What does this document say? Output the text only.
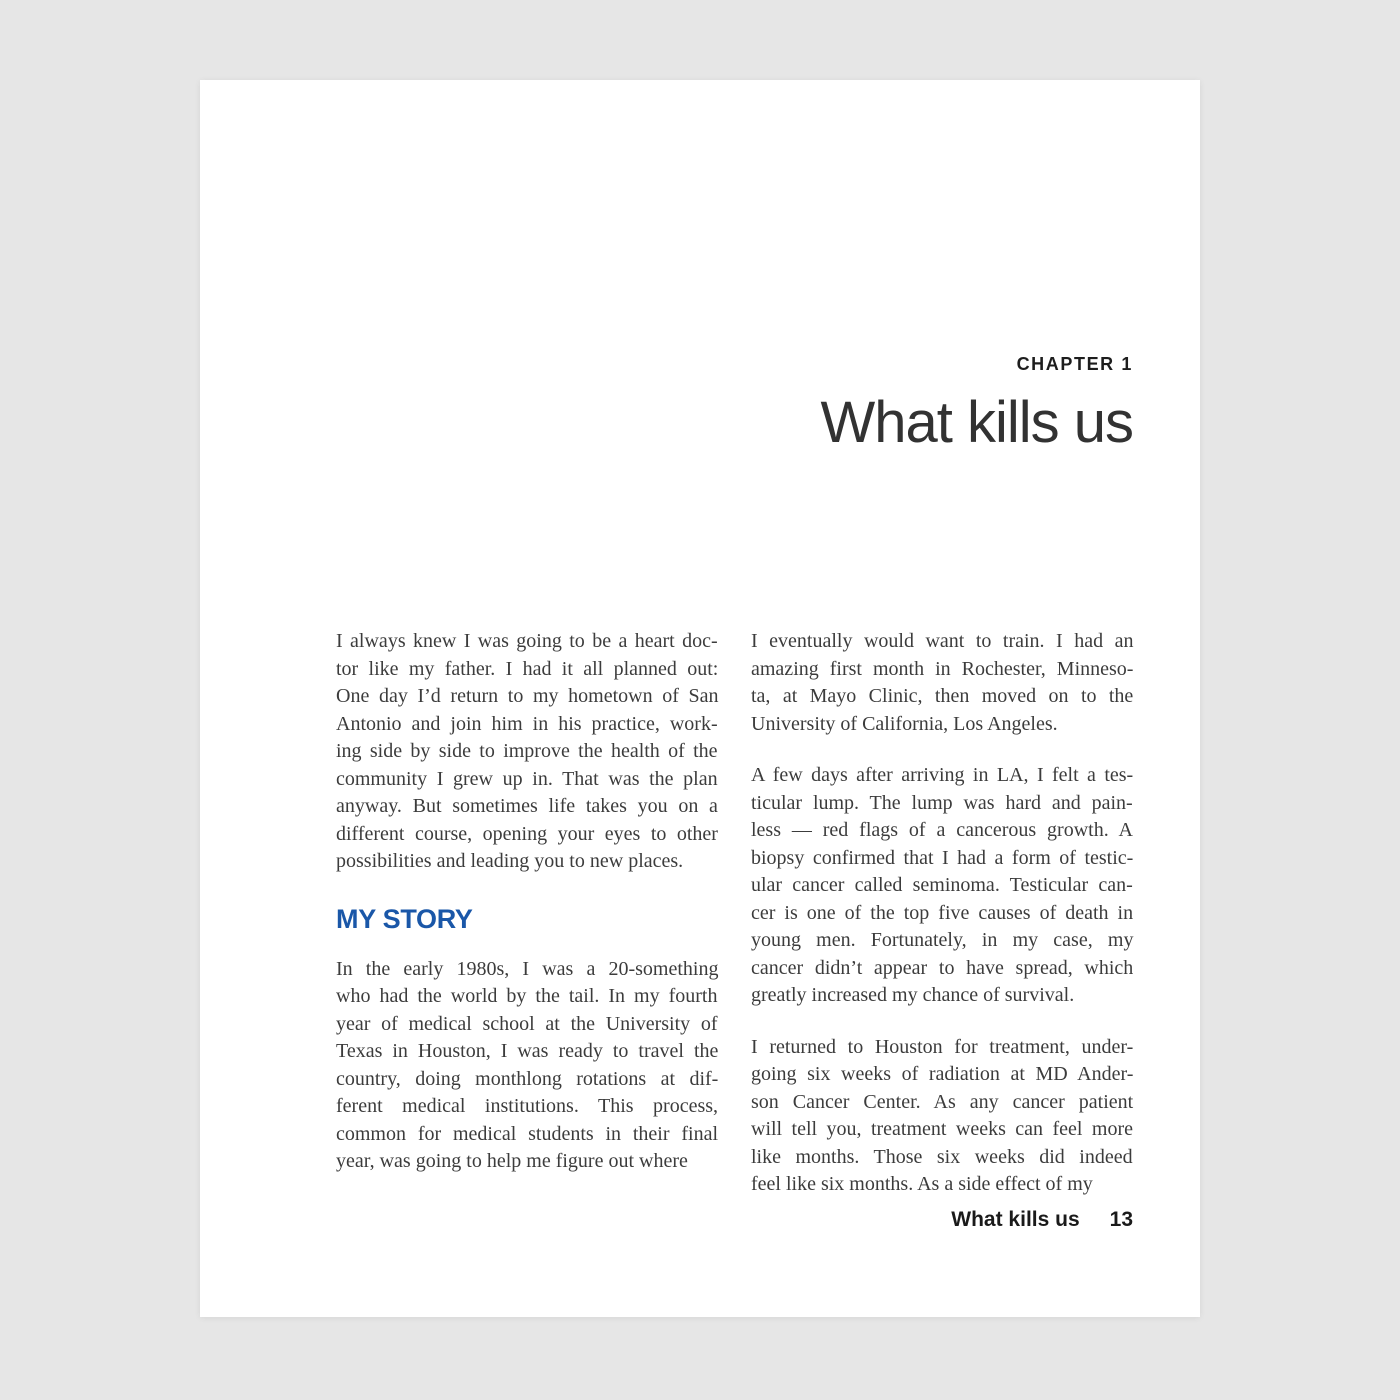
CHAPTER 1
What kills us
I always knew I was going to be a heart doc-
tor like my father. I had it all planned out:
One day I’d return to my hometown of San
Antonio and join him in his practice, work-
ing side by side to improve the health of the
community I grew up in. That was the plan
anyway. But sometimes life takes you on a
different course, opening your eyes to other
possibilities and leading you to new places.
MY STORY
In the early 1980s, I was a 20-something
who had the world by the tail. In my fourth
year of medical school at the University of
Texas in Houston, I was ready to travel the
country, doing monthlong rotations at dif-
ferent medical institutions. This process,
common for medical students in their final
year, was going to help me figure out where
I eventually would want to train. I had an
amazing first month in Rochester, Minneso-
ta, at Mayo Clinic, then moved on to the
University of California, Los Angeles.
A few days after arriving in LA, I felt a tes-
ticular lump. The lump was hard and pain-
less — red flags of a cancerous growth. A
biopsy confirmed that I had a form of testic-
ular cancer called seminoma. Testicular can-
cer is one of the top five causes of death in
young men. Fortunately, in my case, my
cancer didn’t appear to have spread, which
greatly increased my chance of survival.
I returned to Houston for treatment, under-
going six weeks of radiation at MD Ander-
son Cancer Center. As any cancer patient
will tell you, treatment weeks can feel more
like months. Those six weeks did indeed
feel like six months. As a side effect of my
What kills us 13
